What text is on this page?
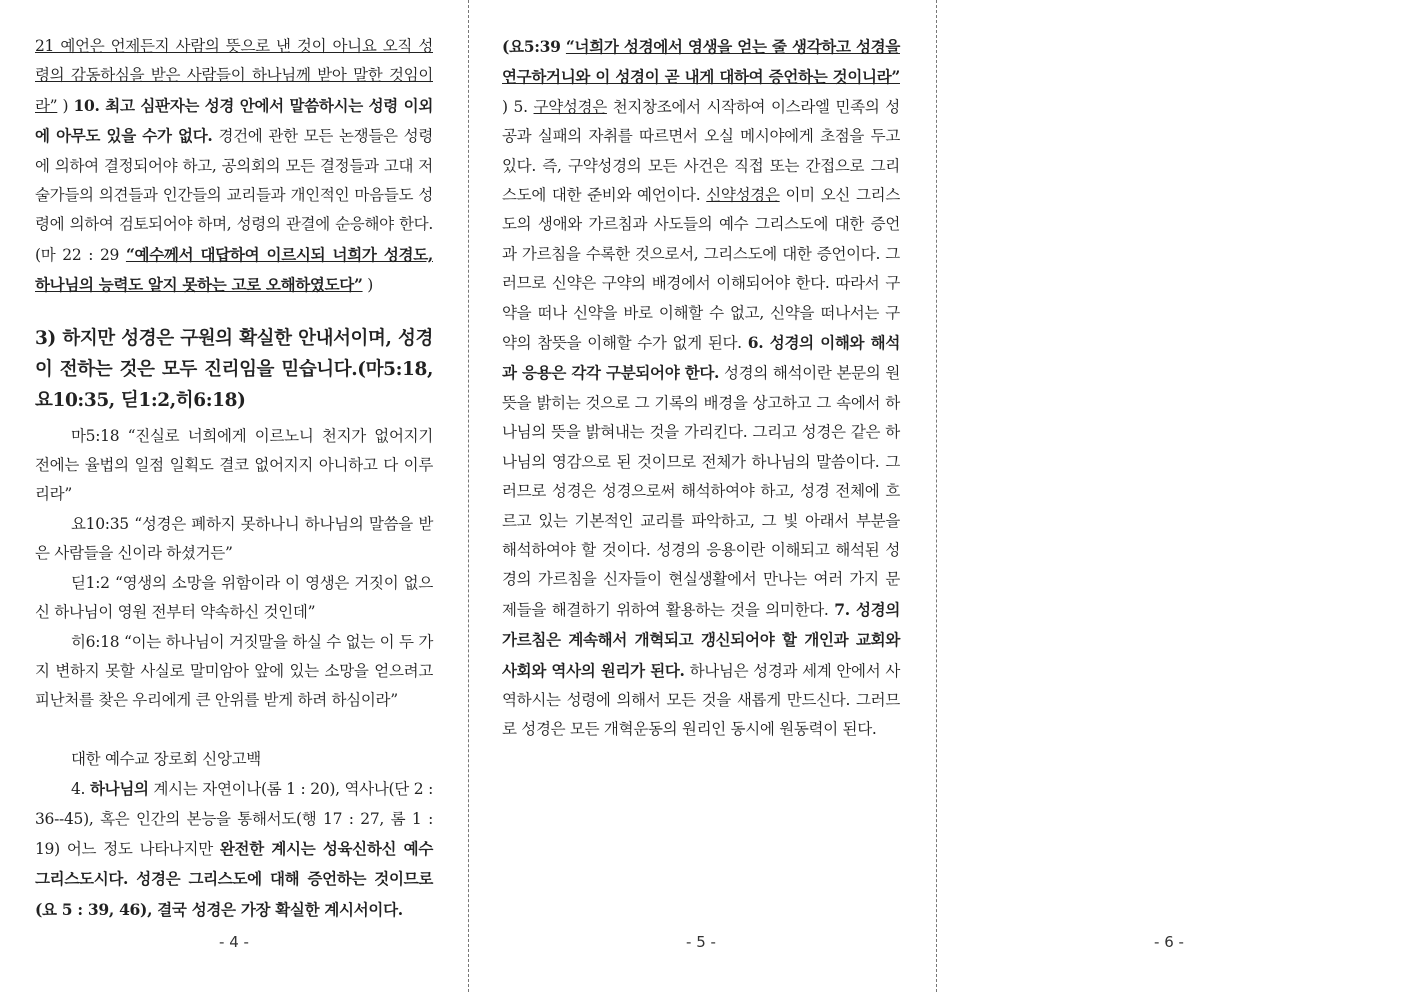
21 예언은 언제든지 사람의 뜻으로 낸 것이 아니요 오직 성령의 감동하심을 받은 사람들이 하나님께 받아 말한 것임이라” ) 10. 최고 심판자는 성경 안에서 말씀하시는 성령 이외에 아무도 있을 수가 없다. 경건에 관한 모든 논쟁들은 성령에 의하여 결정되어야 하고, 공의회의 모든 결정들과 고대 저술가들의 의견들과 인간들의 교리들과 개인적인 마음들도 성령에 의하여 검토되어야 하며, 성령의 관결에 순응해야 한다.(마 22 : 29 “예수께서 대답하여 이르시되 너희가 성경도, 하나님의 능력도 알지 못하는 고로 오해하였도다” )

3) 하지만 성경은 구원의 확실한 안내서이며, 성경이 전하는 것은 모두 진리임을 믿습니다.(마5:18, 요10:35, 딛1:2,히6:18)

마5:18 “진실로 너희에게 이르노니 천지가 없어지기 전에는 율법의 일점 일획도 결코 없어지지 아니하고 다 이루리라”

요10:35 “성경은 폐하지 못하나니 하나님의 말씀을 받은 사람들을 신이라 하셨거든”

딛1:2 “영생의 소망을 위함이라 이 영생은 거짓이 없으신 하나님이 영원 전부터 약속하신 것인데”

히6:18 “이는 하나님이 거짓말을 하실 수 없는 이 두 가지 변하지 못할 사실로 말미암아 앞에 있는 소망을 얻으려고 피난처를 찾은 우리에게 큰 안위를 받게 하려 하심이라”

대한 예수교 장로회 신앙고백

4. 하나님의 계시는 자연이나(롬 1 : 20), 역사나(단 2 : 36--45), 혹은 인간의 본능을 통해서도(행 17 : 27, 롬 1 : 19) 어느 정도 나타나지만 완전한 계시는 성육신하신 예수 그리스도시다. 성경은 그리스도에 대해 증언하는 것이므로(요 5 : 39, 46), 결국 성경은 가장 확실한 계시서이다.

- 4 -

(요5:39 “너희가 성경에서 영생을 얻는 줄 생각하고 성경을 연구하거니와 이 성경이 곧 내게 대하여 증언하는 것이니라” ) 5. 구약성경은 천지창조에서 시작하여 이스라엘 민족의 성공과 실패의 자취를 따르면서 오실 메시야에게 초점을 두고 있다. 즉, 구약성경의 모든 사건은 직접 또는 간접으로 그리스도에 대한 준비와 예언이다. 신약성경은 이미 오신 그리스도의 생애와 가르침과 사도들의 예수 그리스도에 대한 증언과 가르침을 수록한 것으로서, 그리스도에 대한 증언이다. 그러므로 신약은 구약의 배경에서 이해되어야 한다. 따라서 구약을 떠나 신약을 바로 이해할 수 없고, 신약을 떠나서는 구약의 참뜻을 이해할 수가 없게 된다. 6. 성경의 이해와 해석과 응용은 각각 구분되어야 한다. 성경의 해석이란 본문의 원뜻을 밝히는 것으로 그 기록의 배경을 상고하고 그 속에서 하나님의 뜻을 밝혀내는 것을 가리킨다. 그리고 성경은 같은 하나님의 영감으로 된 것이므로 전체가 하나님의 말씀이다. 그러므로 성경은 성경으로써 해석하여야 하고, 성경 전체에 흐르고 있는 기본적인 교리를 파악하고, 그 빛 아래서 부분을 해석하여야 할 것이다. 성경의 응용이란 이해되고 해석된 성경의 가르침을 신자들이 현실생활에서 만나는 여러 가지 문제들을 해결하기 위하여 활용하는 것을 의미한다. 7. 성경의 가르침은 계속해서 개혁되고 갱신되어야 할 개인과 교회와 사회와 역사의 원리가 된다. 하나님은 성경과 세계 안에서 사역하시는 성령에 의해서 모든 것을 새롭게 만드신다. 그러므로 성경은 모든 개혁운동의 원리인 동시에 원동력이 된다.

- 5 -	- 6 -
